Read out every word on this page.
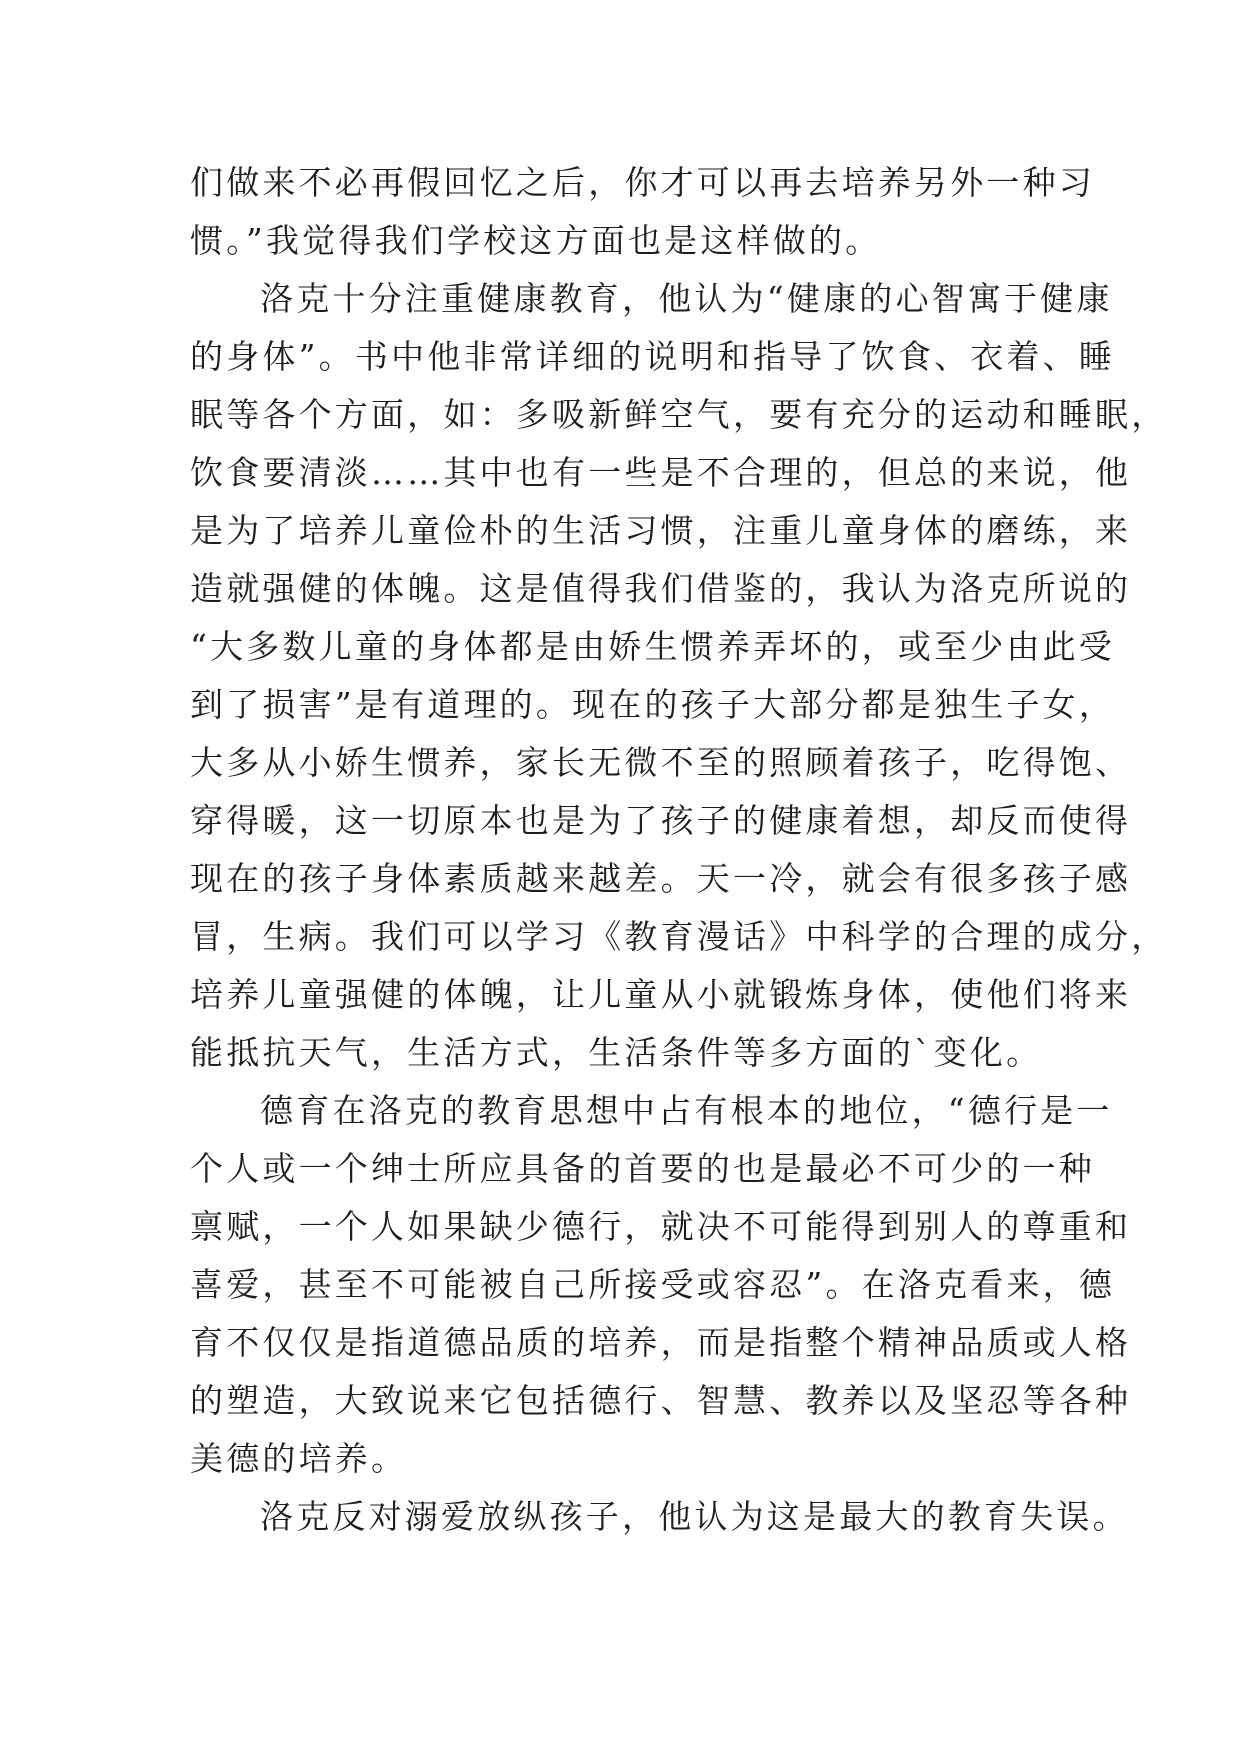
们做来不必再假回忆之后，你才可以再去培养另外一种习
惯。”我觉得我们学校这方面也是这样做的。
洛克十分注重健康教育，他认为“健康的心智寓于健康
的身体”。书中他非常详细的说明和指导了饮食、衣着、睡
眠等各个方面，如：多吸新鲜空气，要有充分的运动和睡眠，
饮食要清淡……其中也有一些是不合理的，但总的来说，他
是为了培养儿童俭朴的生活习惯，注重儿童身体的磨练，来
造就强健的体魄。这是值得我们借鉴的，我认为洛克所说的
“大多数儿童的身体都是由娇生惯养弄坏的，或至少由此受
到了损害”是有道理的。现在的孩子大部分都是独生子女，
大多从小娇生惯养，家长无微不至的照顾着孩子，吃得饱、
穿得暖，这一切原本也是为了孩子的健康着想，却反而使得
现在的孩子身体素质越来越差。天一冷，就会有很多孩子感
冒，生病。我们可以学习《教育漫话》中科学的合理的成分，
培养儿童强健的体魄，让儿童从小就锻炼身体，使他们将来
能抵抗天气，生活方式，生活条件等多方面的`变化。
德育在洛克的教育思想中占有根本的地位，“德行是一
个人或一个绅士所应具备的首要的也是最必不可少的一种
禀赋，一个人如果缺少德行，就决不可能得到别人的尊重和
喜爱，甚至不可能被自己所接受或容忍”。在洛克看来，德
育不仅仅是指道德品质的培养，而是指整个精神品质或人格
的塑造，大致说来它包括德行、智慧、教养以及坚忍等各种
美德的培养。
洛克反对溺爱放纵孩子，他认为这是最大的教育失误。
